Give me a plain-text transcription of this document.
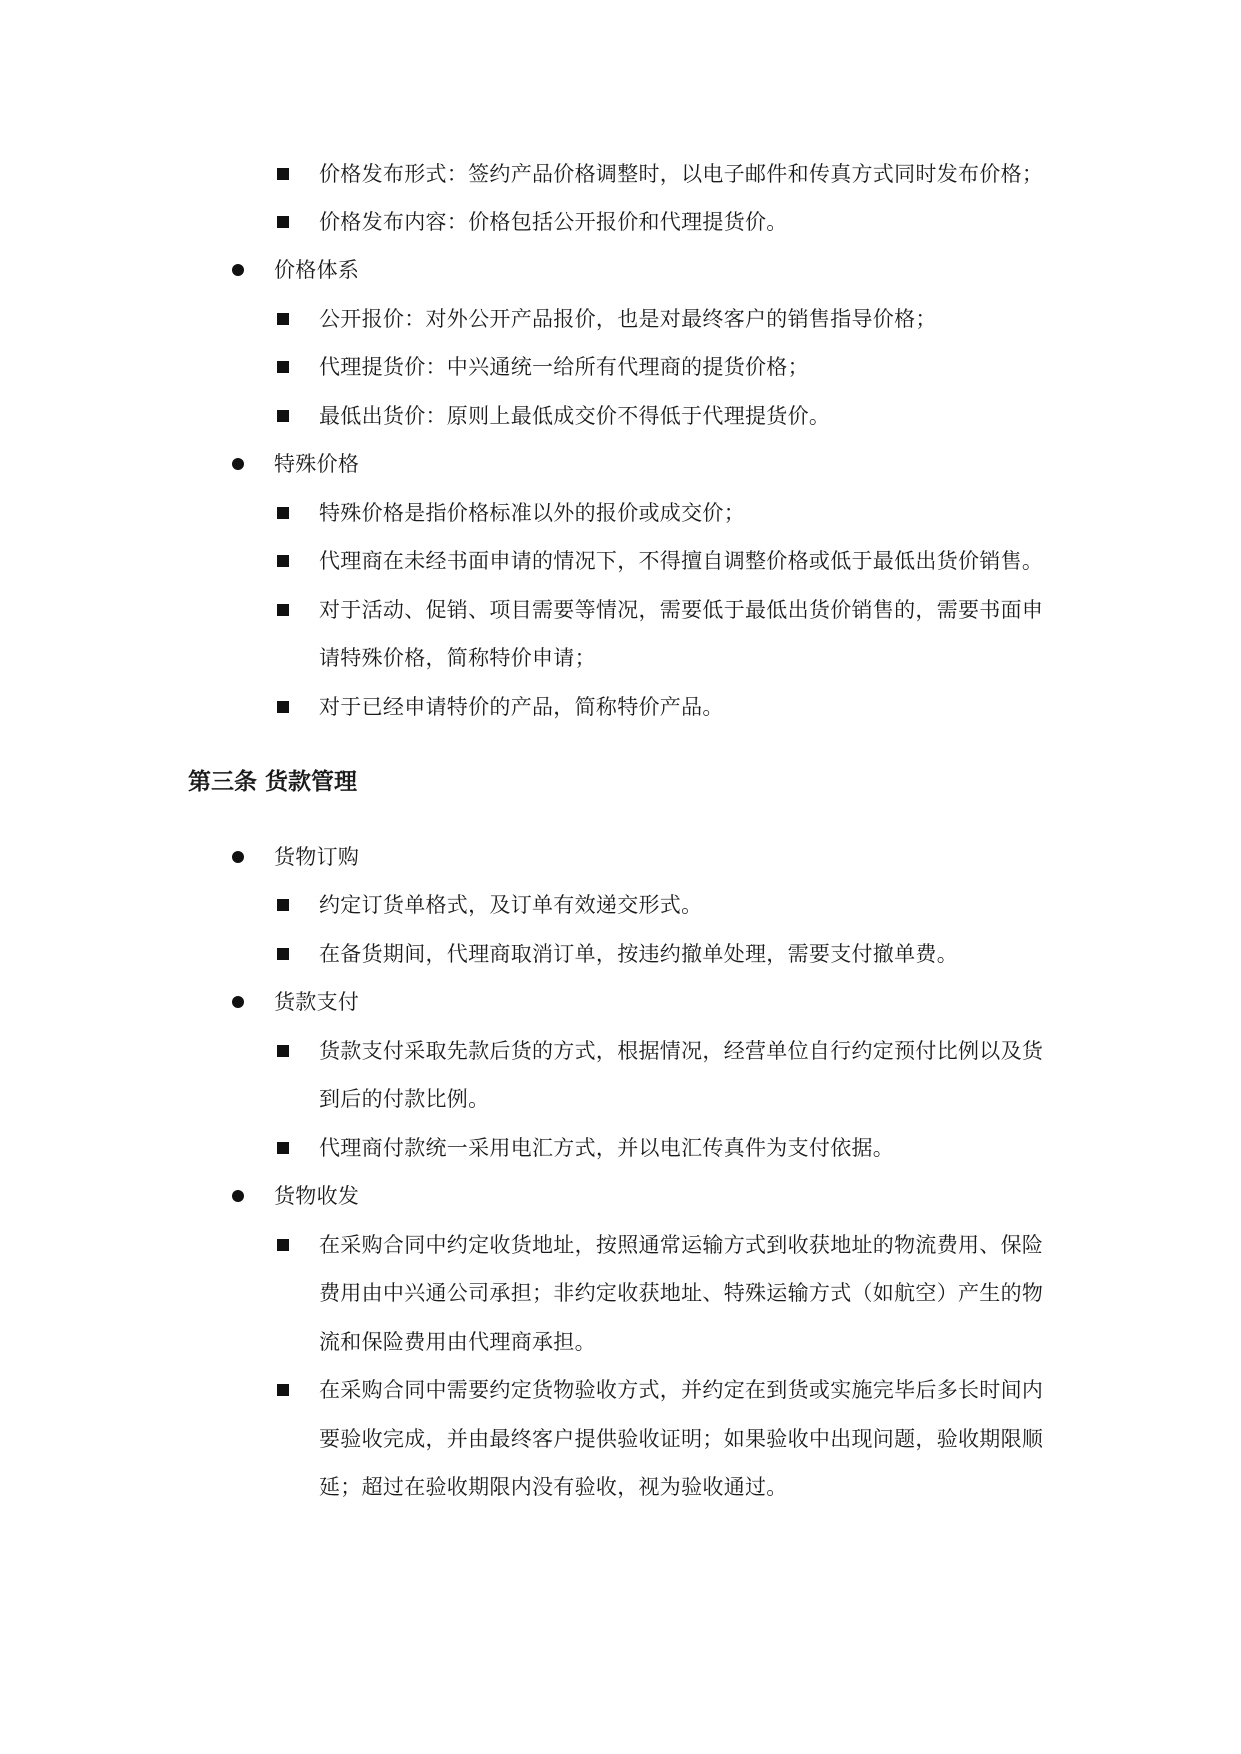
价格发布形式：签约产品价格调整时，以电子邮件和传真方式同时发布价格；
价格发布内容：价格包括公开报价和代理提货价。
价格体系
公开报价：对外公开产品报价，也是对最终客户的销售指导价格；
代理提货价：中兴通统一给所有代理商的提货价格；
最低出货价：原则上最低成交价不得低于代理提货价。
特殊价格
特殊价格是指价格标准以外的报价或成交价；
代理商在未经书面申请的情况下，不得擅自调整价格或低于最低出货价销售。
对于活动、促销、项目需要等情况，需要低于最低出货价销售的，需要书面申
请特殊价格，简称特价申请；
对于已经申请特价的产品，简称特价产品。
第三条 货款管理
货物订购
约定订货单格式，及订单有效递交形式。
在备货期间，代理商取消订单，按违约撤单处理，需要支付撤单费。
货款支付
货款支付采取先款后货的方式，根据情况，经营单位自行约定预付比例以及货
到后的付款比例。
代理商付款统一采用电汇方式，并以电汇传真件为支付依据。
货物收发
在采购合同中约定收货地址，按照通常运输方式到收获地址的物流费用、保险
费用由中兴通公司承担；非约定收获地址、特殊运输方式（如航空）产生的物
流和保险费用由代理商承担。
在采购合同中需要约定货物验收方式，并约定在到货或实施完毕后多长时间内
要验收完成，并由最终客户提供验收证明；如果验收中出现问题，验收期限顺
延；超过在验收期限内没有验收，视为验收通过。
